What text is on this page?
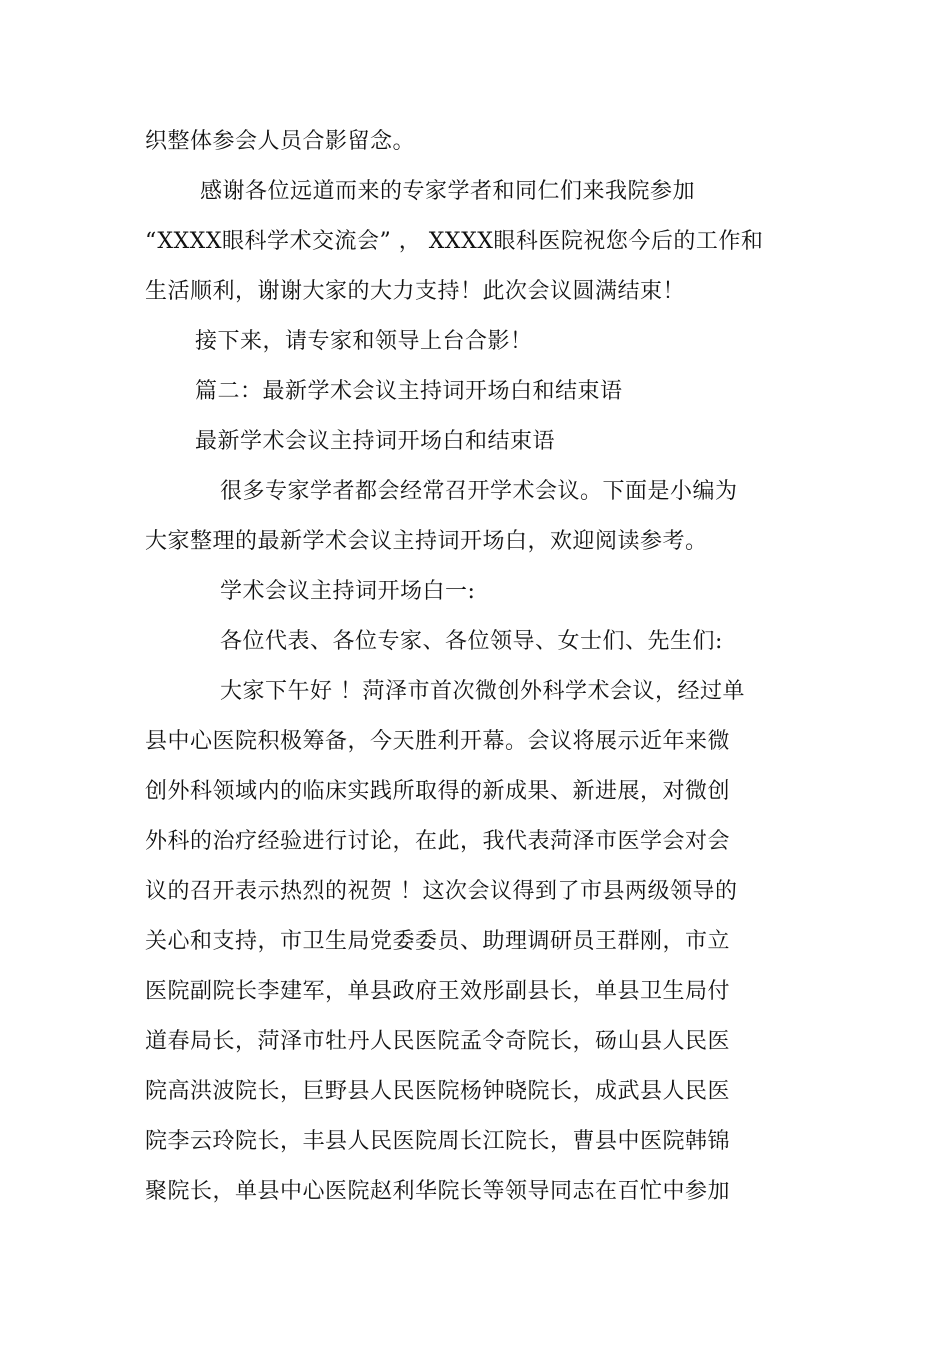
织整体参会人员合影留念。
感谢各位远道而来的专家学者和同仁们来我院参加
“XXXX眼科学术交流会” ， XXXX眼科医院祝您今后的工作和
生活顺利，谢谢大家的大力支持！此次会议圆满结束！
接下来，请专家和领导上台合影！
篇二：最新学术会议主持词开场白和结束语
最新学术会议主持词开场白和结束语
很多专家学者都会经常召开学术会议。下面是小编为
大家整理的最新学术会议主持词开场白，欢迎阅读参考。
学术会议主持词开场白一:
各位代表、各位专家、各位领导、女士们、先生们:
大家下午好 ！菏泽市首次微创外科学术会议，经过单
县中心医院积极筹备，今天胜利开幕。会议将展示近年来微
创外科领域内的临床实践所取得的新成果、新进展，对微创
外科的治疗经验进行讨论，在此，我代表菏泽市医学会对会
议的召开表示热烈的祝贺 ！这次会议得到了市县两级领导的
关心和支持，市卫生局党委委员、助理调研员王群刚，市立
医院副院长李建军，单县政府王效彤副县长，单县卫生局付
道春局长，菏泽市牡丹人民医院孟令奇院长，砀山县人民医
院高洪波院长，巨野县人民医院杨钟晓院长，成武县人民医
院李云玲院长，丰县人民医院周长江院长，曹县中医院韩锦
聚院长，单县中心医院赵利华院长等领导同志在百忙中参加
